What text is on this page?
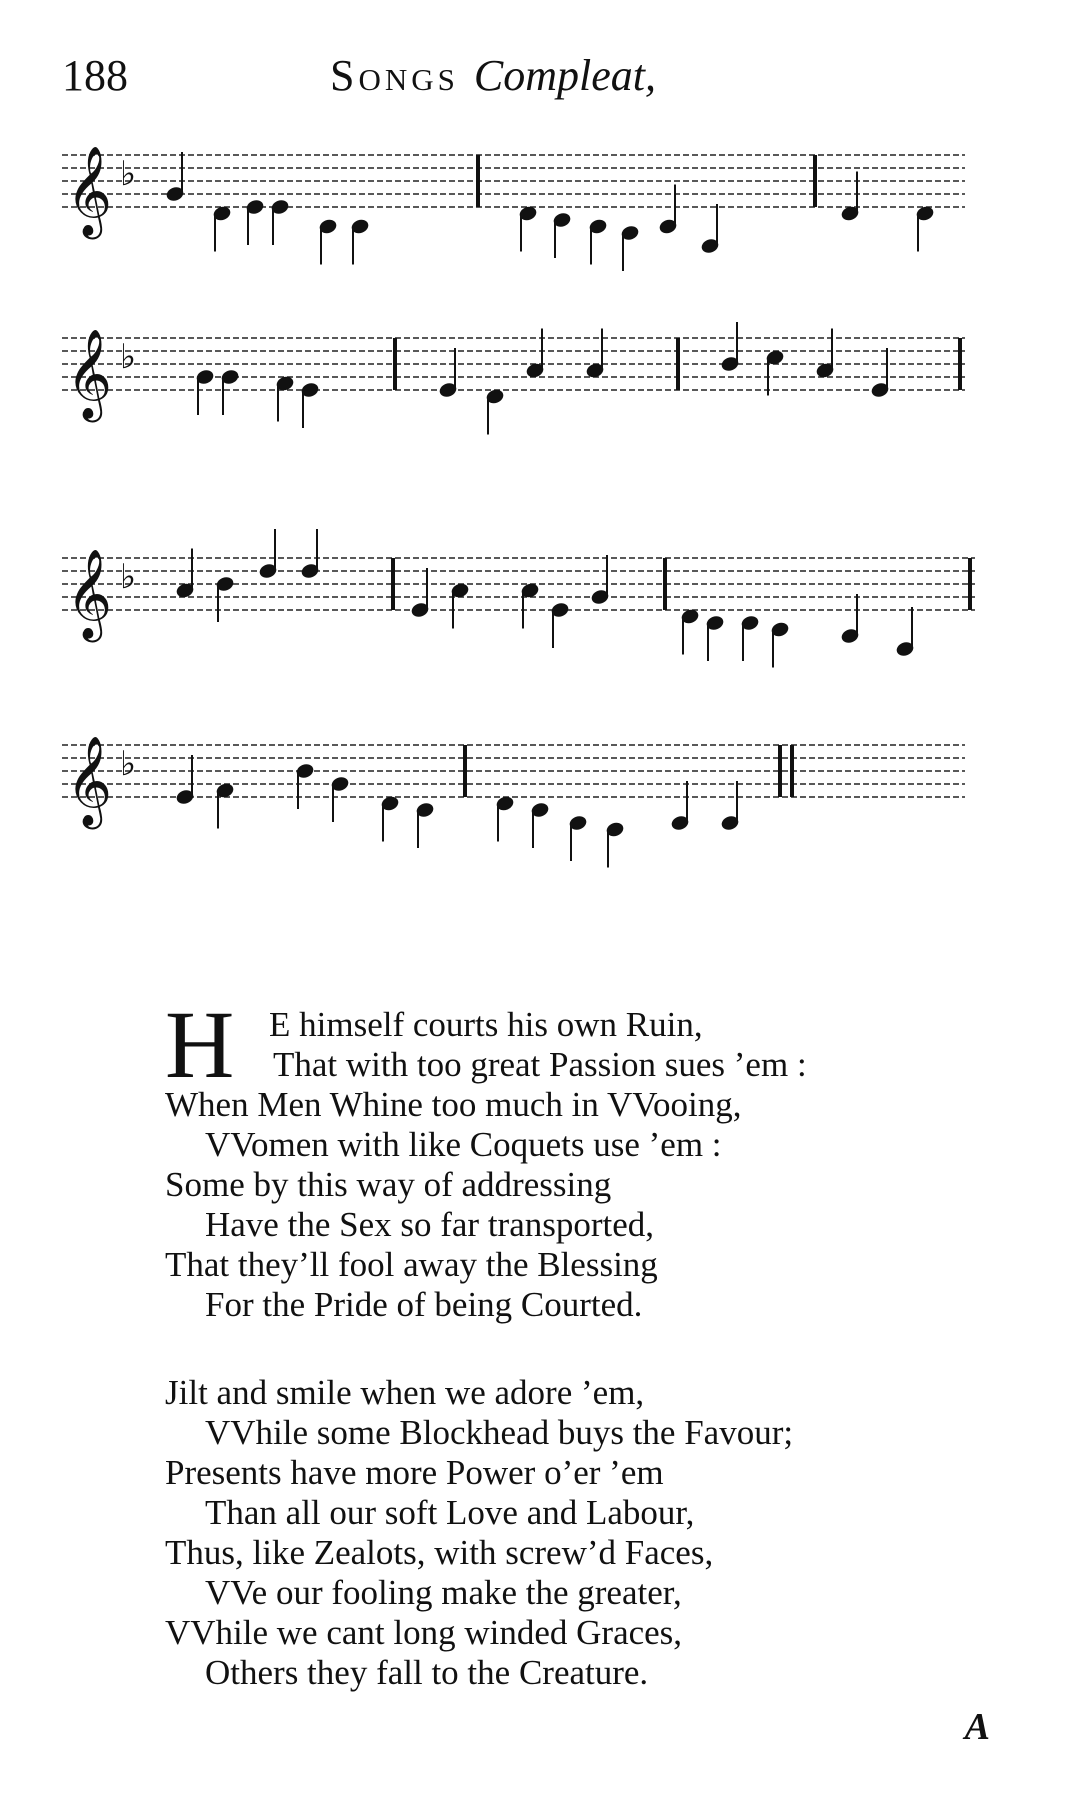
188	Songs Compleat,
𝄞 ♭
𝄞 ♭
𝄞 ♭
𝄞 ♭
H E himself courts his own Ruin,
That with too great Passion sues ’em :
When Men Whine too much in VVooing,
VVomen with like Coquets use ’em :
Some by this way of addressing
Have the Sex so far transported,
That they’ll fool away the Blessing
For the Pride of being Courted.
Jilt and smile when we adore ’em,
VVhile some Blockhead buys the Favour;
Presents have more Power o’er ’em
Than all our soft Love and Labour,
Thus, like Zealots, with screw’d Faces,
VVe our fooling make the greater,
VVhile we cant long winded Graces,
Others they fall to the Creature.
A
